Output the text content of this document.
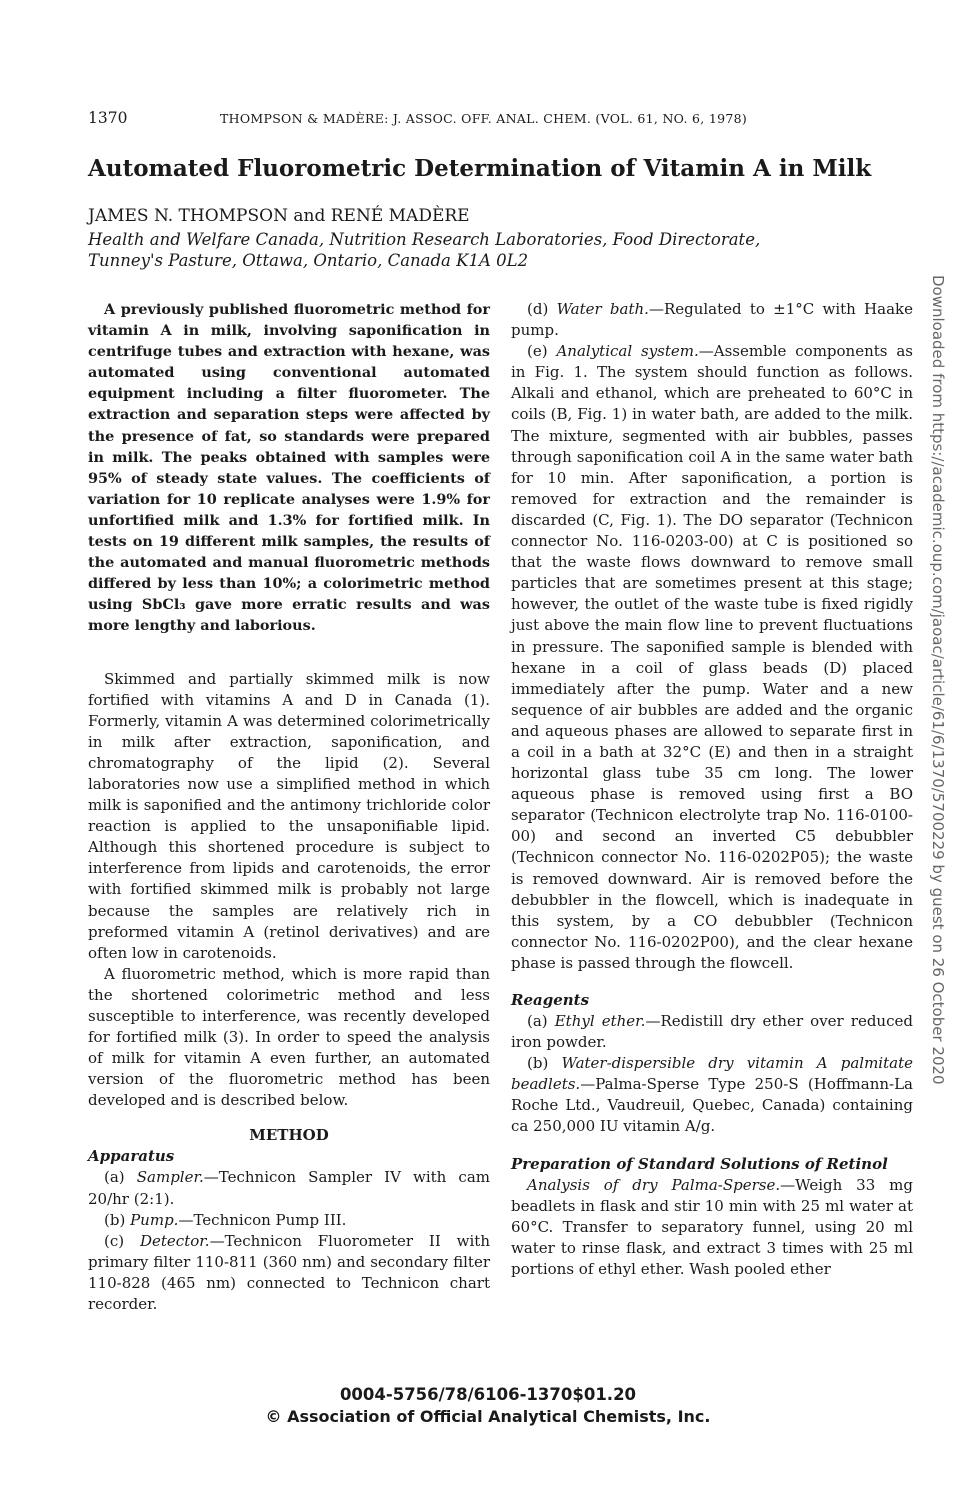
1370	THOMPSON & MADÈRE: J. ASSOC. OFF. ANAL. CHEM. (VOL. 61, NO. 6, 1978)
Automated Fluorometric Determination of Vitamin A in Milk
JAMES N. THOMPSON and RENÉ MADÈRE
Health and Welfare Canada, Nutrition Research Laboratories, Food Directorate,
Tunney's Pasture, Ottawa, Ontario, Canada K1A 0L2

A previously published fluorometric method for vitamin A in milk, involving saponification in centrifuge tubes and extraction with hexane, was automated using conventional automated equipment including a filter fluorometer. The extraction and separation steps were affected by the presence of fat, so standards were prepared in milk. The peaks obtained with samples were 95% of steady state values. The coefficients of variation for 10 replicate analyses were 1.9% for unfortified milk and 1.3% for fortified milk. In tests on 19 different milk samples, the results of the automated and manual fluorometric methods differed by less than 10%; a colorimetric method using SbCl₃ gave more erratic results and was more lengthy and laborious.

Skimmed and partially skimmed milk is now fortified with vitamins A and D in Canada (1). Formerly, vitamin A was determined colorimetrically in milk after extraction, saponification, and chromatography of the lipid (2). Several laboratories now use a simplified method in which milk is saponified and the antimony trichloride color reaction is applied to the unsaponifiable lipid. Although this shortened procedure is subject to interference from lipids and carotenoids, the error with fortified skimmed milk is probably not large because the samples are relatively rich in preformed vitamin A (retinol derivatives) and are often low in carotenoids.

A fluorometric method, which is more rapid than the shortened colorimetric method and less susceptible to interference, was recently developed for fortified milk (3). In order to speed the analysis of milk for vitamin A even further, an automated version of the fluorometric method has been developed and is described below.

METHOD

Apparatus

(a) Sampler.—Technicon Sampler IV with cam 20/hr (2:1).

(b) Pump.—Technicon Pump III.

(c) Detector.—Technicon Fluorometer II with primary filter 110-811 (360 nm) and secondary filter 110-828 (465 nm) connected to Technicon chart recorder.

(d) Water bath.—Regulated to ±1°C with Haake pump.

(e) Analytical system.—Assemble components as in Fig. 1. The system should function as follows. Alkali and ethanol, which are preheated to 60°C in coils (B, Fig. 1) in water bath, are added to the milk. The mixture, segmented with air bubbles, passes through saponification coil A in the same water bath for 10 min. After saponification, a portion is removed for extraction and the remainder is discarded (C, Fig. 1). The DO separator (Technicon connector No. 116-0203-00) at C is positioned so that the waste flows downward to remove small particles that are sometimes present at this stage; however, the outlet of the waste tube is fixed rigidly just above the main flow line to prevent fluctuations in pressure. The saponified sample is blended with hexane in a coil of glass beads (D) placed immediately after the pump. Water and a new sequence of air bubbles are added and the organic and aqueous phases are allowed to separate first in a coil in a bath at 32°C (E) and then in a straight horizontal glass tube 35 cm long. The lower aqueous phase is removed using first a BO separator (Technicon electrolyte trap No. 116-0100-00) and second an inverted C5 debubbler (Technicon connector No. 116-0202P05); the waste is removed downward. Air is removed before the debubbler in the flowcell, which is inadequate in this system, by a CO debubbler (Technicon connector No. 116-0202P00), and the clear hexane phase is passed through the flowcell.

Reagents

(a) Ethyl ether.—Redistill dry ether over reduced iron powder.

(b) Water-dispersible dry vitamin A palmitate beadlets.—Palma-Sperse Type 250-S (Hoffmann-La Roche Ltd., Vaudreuil, Quebec, Canada) containing ca 250,000 IU vitamin A/g.

Preparation of Standard Solutions of Retinol

Analysis of dry Palma-Sperse.—Weigh 33 mg beadlets in flask and stir 10 min with 25 ml water at 60°C. Transfer to separatory funnel, using 20 ml water to rinse flask, and extract 3 times with 25 ml portions of ethyl ether. Wash pooled ether

0004-5756/78/6106-1370$01.20
© Association of Official Analytical Chemists, Inc.
Downloaded from https://academic.oup.com/jaoac/article/61/6/1370/5700229 by guest on 26 October 2020
